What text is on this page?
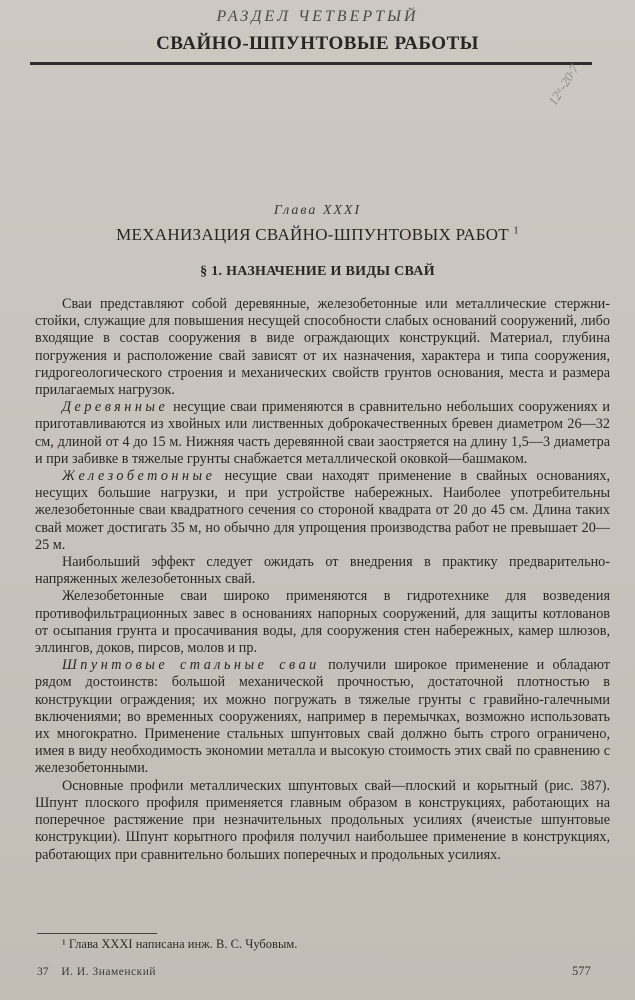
РАЗДЕЛ ЧЕТВЕРТЫЙ
СВАЙНО-ШПУНТОВЫЕ РАБОТЫ
12ᵃ-20·7
Глава XXXI
МЕХАНИЗАЦИЯ СВАЙНО-ШПУНТОВЫХ РАБОТ $^1$
§ 1. НАЗНАЧЕНИЕ И ВИДЫ СВАЙ

Сваи представляют собой деревянные, железобетонные или металлические стержни-стойки, служащие для повышения несущей способности слабых оснований сооружений, либо входящие в состав сооружения в виде ограждающих конструкций. Материал, глубина погружения и расположение свай зависят от их назначения, характера и типа сооружения, гидрогеологического строения и механических свойств грунтов основания, места и размера прилагаемых нагрузок.

Деревянные несущие сваи применяются в сравнительно небольших сооружениях и приготавливаются из хвойных или лиственных доброкачественных бревен диаметром 26—32 см, длиной от 4 до 15 м. Нижняя часть деревянной сваи заостряется на длину 1,5—3 диаметра и при забивке в тяжелые грунты снабжается металлической оковкой—башмаком.

Железобетонные несущие сваи находят применение в свайных основаниях, несущих большие нагрузки, и при устройстве набережных. Наиболее употребительны железобетонные сваи квадратного сечения со стороной квадрата от 20 до 45 см. Длина таких свай может достигать 35 м, но обычно для упрощения производства работ не превышает 20—25 м.

Наибольший эффект следует ожидать от внедрения в практику предварительно-напряженных железобетонных свай.

Железобетонные сваи широко применяются в гидротехнике для возведения противофильтрационных завес в основаниях напорных сооружений, для защиты котлованов от осыпания грунта и просачивания воды, для сооружения стен набережных, камер шлюзов, эллингов, доков, пирсов, молов и пр.

Шпунтовые стальные сваи получили широкое применение и обладают рядом достоинств: большой механической прочностью, достаточной плотностью в конструкции ограждения; их можно погружать в тяжелые грунты с гравийно-галечными включениями; во временных сооружениях, например в перемычках, возможно использовать их многократно. Применение стальных шпунтовых свай должно быть строго ограничено, имея в виду необходимость экономии металла и высокую стоимость этих свай по сравнению с железобетонными.

Основные профили металлических шпунтовых свай—плоский и корытный (рис. 387). Шпунт плоского профиля применяется главным образом в конструкциях, работающих на поперечное растяжение при незначительных продольных усилиях (ячеистые шпунтовые конструкции). Шпунт корытного профиля получил наибольшее применение в конструкциях, работающих при сравнительно больших поперечных и продольных усилиях.

¹ Глава XXXI написана инж. В. С. Чубовым.
37 И. И. Знаменский	577
